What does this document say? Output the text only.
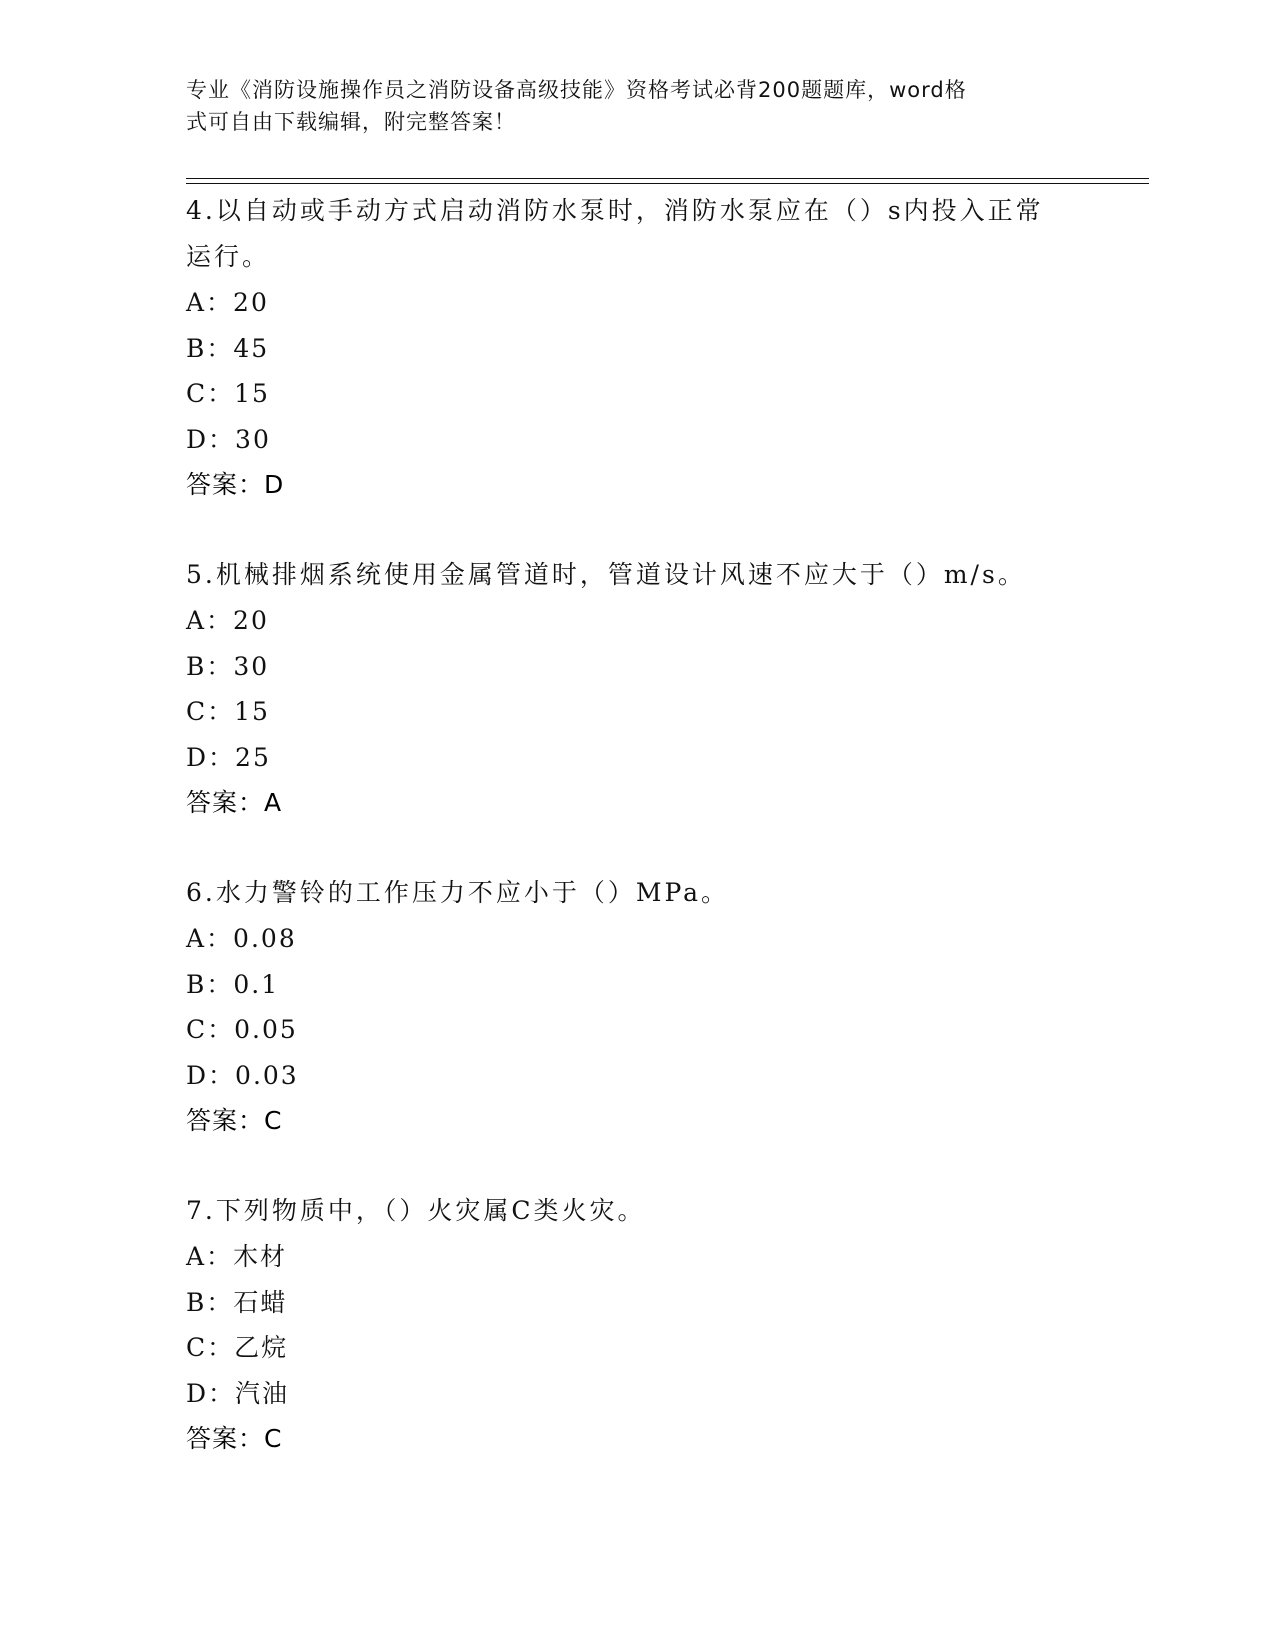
专业《消防设施操作员之消防设备高级技能》资格考试必背200题题库，word格
式可自由下载编辑，附完整答案！
4.以自动或手动方式启动消防水泵时，消防水泵应在（）s内投入正常
运行。
A：20
B：45
C：15
D：30
答案：D
5.机械排烟系统使用金属管道时，管道设计风速不应大于（）m/s。
A：20
B：30
C：15
D：25
答案：A
6.水力警铃的工作压力不应小于（）MPa。
A：0.08
B：0.1
C：0.05
D：0.03
答案：C
7.下列物质中，（）火灾属C类火灾。
A：木材
B：石蜡
C：乙烷
D：汽油
答案：C
